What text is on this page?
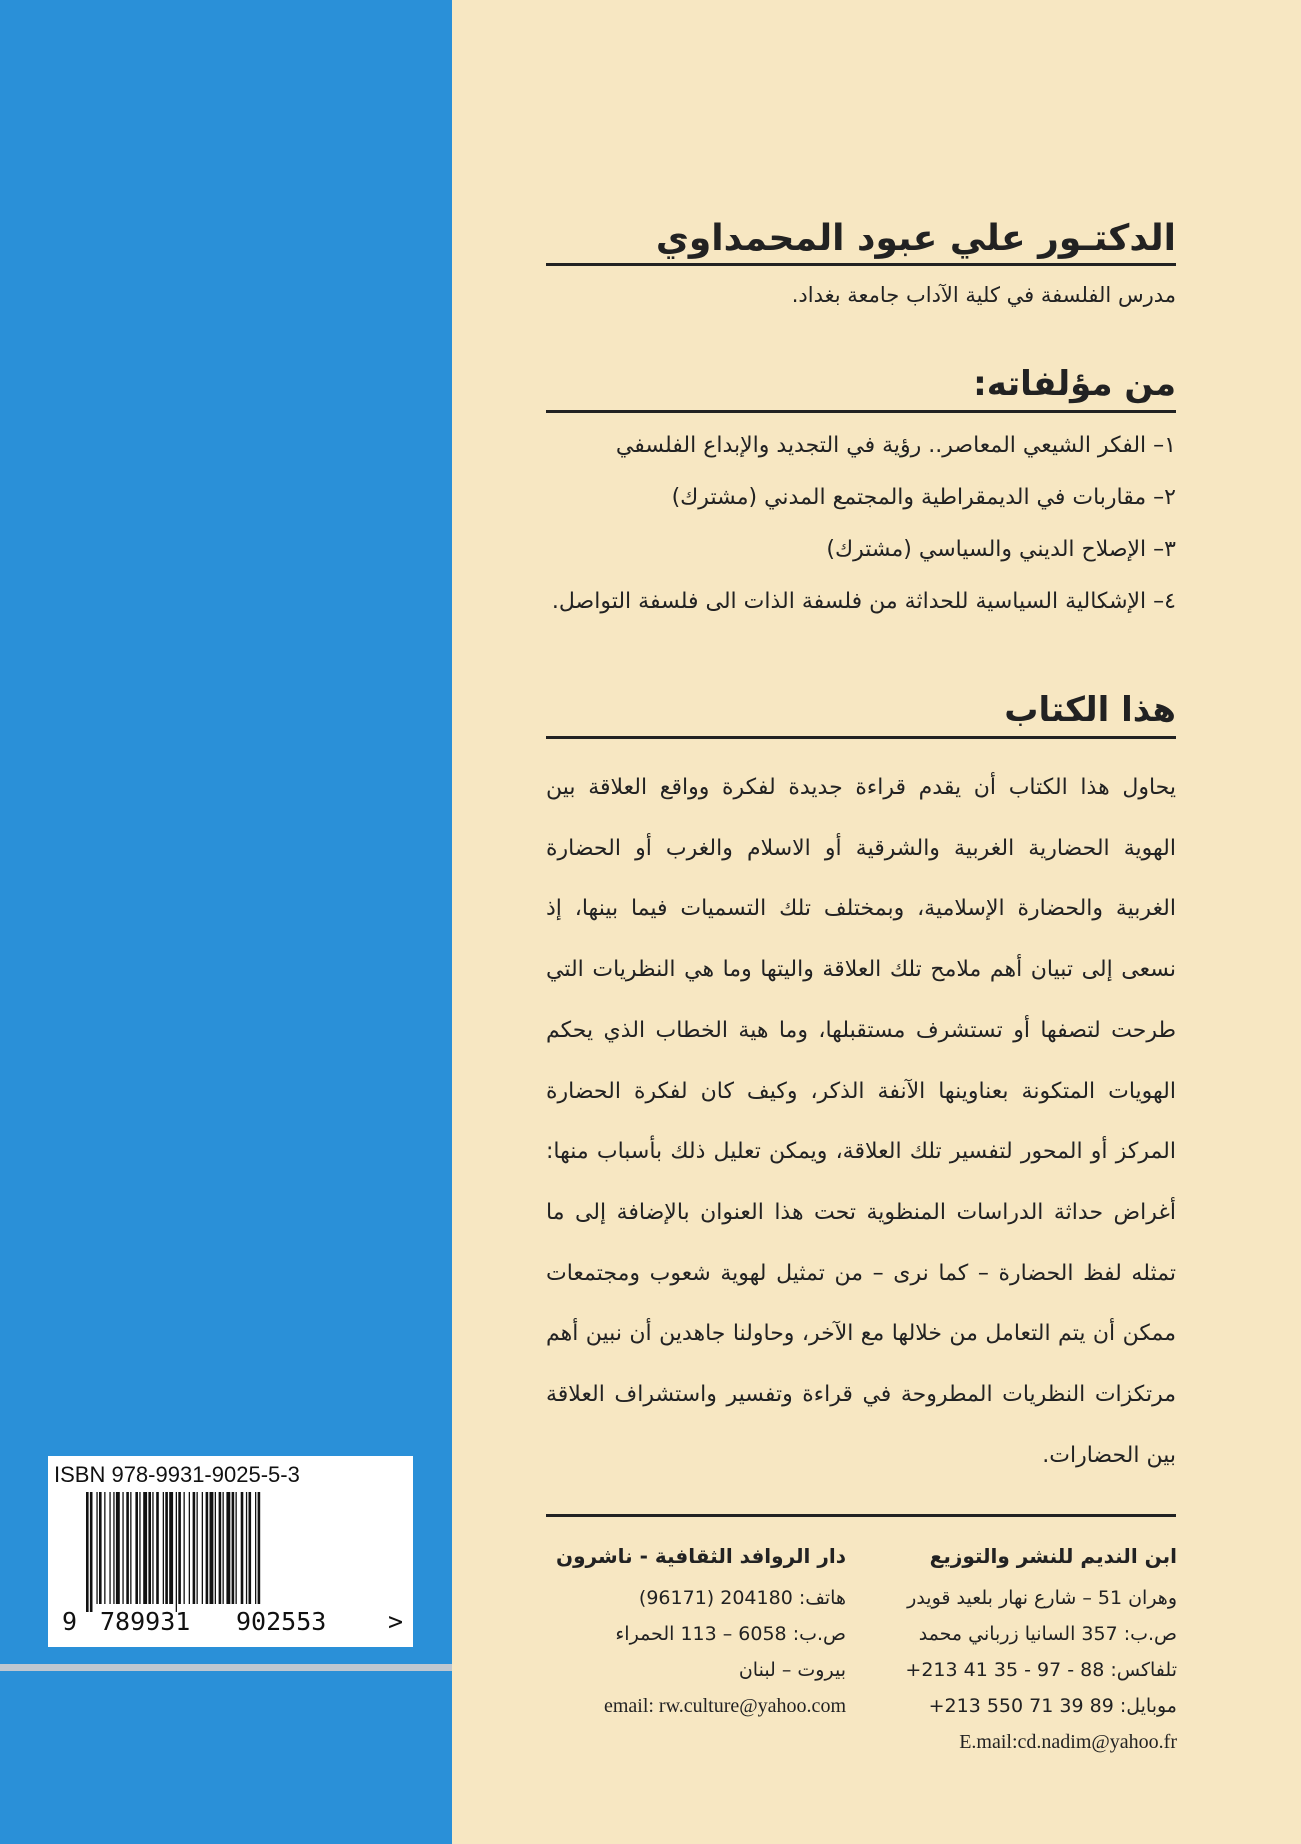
ISBN 978-9931-9025-5-3
9 789931 902553 >
الدكتـور علي عبود المحمداوي
مدرس الفلسفة في كلية الآداب جامعة بغداد.
من مؤلفاته:
١– الفكر الشيعي المعاصر.. رؤية في التجديد والإبداع الفلسفي
٢– مقاربات في الديمقراطية والمجتمع المدني (مشترك)
٣– الإصلاح الديني والسياسي (مشترك)
٤– الإشكالية السياسية للحداثة من فلسفة الذات الى فلسفة التواصل.
هذا الكتاب

يحاول هذا الكتاب أن يقدم قراءة جديدة لفكرة وواقع العلاقة بين الهوية الحضارية الغربية والشرقية أو الاسلام والغرب أو الحضارة الغربية والحضارة الإسلامية، وبمختلف تلك التسميات فيما بينها، إذ نسعى إلى تبيان أهم ملامح تلك العلاقة واليتها وما هي النظريات التي طرحت لتصفها أو تستشرف مستقبلها، وما هية الخطاب الذي يحكم الهويات المتكونة بعناوينها الآنفة الذكر، وكيف كان لفكرة الحضارة المركز أو المحور لتفسير تلك العلاقة، ويمكن تعليل ذلك بأسباب منها: أغراض حداثة الدراسات المنظوية تحت هذا العنوان بالإضافة إلى ما تمثله لفظ الحضارة – كما نرى – من تمثيل لهوية شعوب ومجتمعات ممكن أن يتم التعامل من خلالها مع الآخر، وحاولنا جاهدين أن نبين أهم مرتكزات النظريات المطروحة في قراءة وتفسير واستشراف العلاقة بين الحضارات.

ابن النديم للنشر والتوزيع
وهران 51 – شارع نهار بلعيد قويدر
ص.ب: 357 السانيا زرباني محمد
تلفاكس: 88 - 97 - 35 41 213+
موبايل: 89 39 71 550 213+
E.mail:cd.nadim@yahoo.fr
دار الروافد الثقافية - ناشرون
هاتف: 204180 (96171)
ص.ب: 6058 – 113 الحمراء
بيروت – لبنان
email: rw.culture@yahoo.com
